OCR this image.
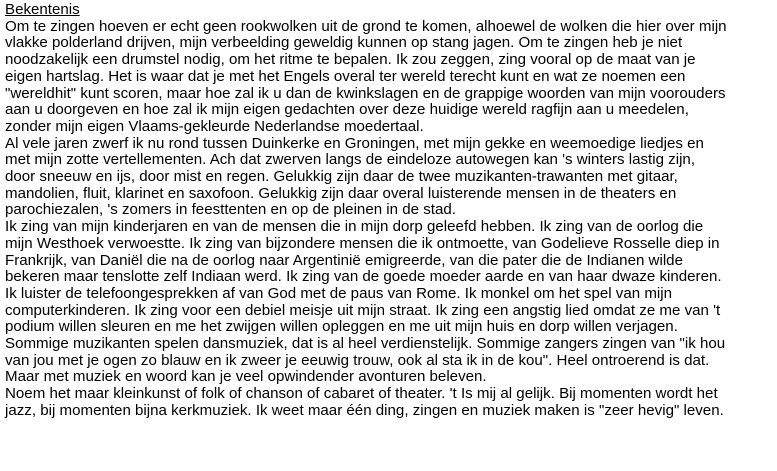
Bekentenis
Om te zingen hoeven er echt geen rookwolken uit de grond te komen, alhoewel de wolken die hier over mijn
vlakke polderland drijven, mijn verbeelding geweldig kunnen op stang jagen. Om te zingen heb je niet
noodzakelijk een drumstel nodig, om het ritme te bepalen. Ik zou zeggen, zing vooral op de maat van je
eigen hartslag. Het is waar dat je met het Engels overal ter wereld terecht kunt en wat ze noemen een
"wereldhit" kunt scoren, maar hoe zal ik u dan de kwinkslagen en de grappige woorden van mijn voorouders
aan u doorgeven en hoe zal ik mijn eigen gedachten over deze huidige wereld ragfijn aan u meedelen,
zonder mijn eigen Vlaams-gekleurde Nederlandse moedertaal.
Al vele jaren zwerf ik nu rond tussen Duinkerke en Groningen, met mijn gekke en weemoedige liedjes en
met mijn zotte vertellementen. Ach dat zwerven langs de eindeloze autowegen kan 's winters lastig zijn,
door sneeuw en ijs, door mist en regen. Gelukkig zijn daar de twee muzikanten-trawanten met gitaar,
mandolien, fluit, klarinet en saxofoon. Gelukkig zijn daar overal luisterende mensen in de theaters en
parochiezalen, 's zomers in feesttenten en op de pleinen in de stad.
Ik zing van mijn kinderjaren en van de mensen die in mijn dorp geleefd hebben. Ik zing van de oorlog die
mijn Westhoek verwoestte. Ik zing van bijzondere mensen die ik ontmoette, van Godelieve Rosselle diep in
Frankrijk, van Daniël die na de oorlog naar Argentinië emigreerde, van die pater die de Indianen wilde
bekeren maar tenslotte zelf Indiaan werd. Ik zing van de goede moeder aarde en van haar dwaze kinderen.
Ik luister de telefoongesprekken af van God met de paus van Rome. Ik monkel om het spel van mijn
computerkinderen. Ik zing voor een debiel meisje uit mijn straat. Ik zing een angstig lied omdat ze me van 't
podium willen sleuren en me het zwijgen willen opleggen en me uit mijn huis en dorp willen verjagen.
Sommige muzikanten spelen dansmuziek, dat is al heel verdienstelijk. Sommige zangers zingen van "ik hou
van jou met je ogen zo blauw en ik zweer je eeuwig trouw, ook al sta ik in de kou". Heel ontroerend is dat.
Maar met muziek en woord kan je veel opwindender avonturen beleven.
Noem het maar kleinkunst of folk of chanson of cabaret of theater. 't Is mij al gelijk. Bij momenten wordt het
jazz, bij momenten bijna kerkmuziek. Ik weet maar één ding, zingen en muziek maken is "zeer hevig" leven.
